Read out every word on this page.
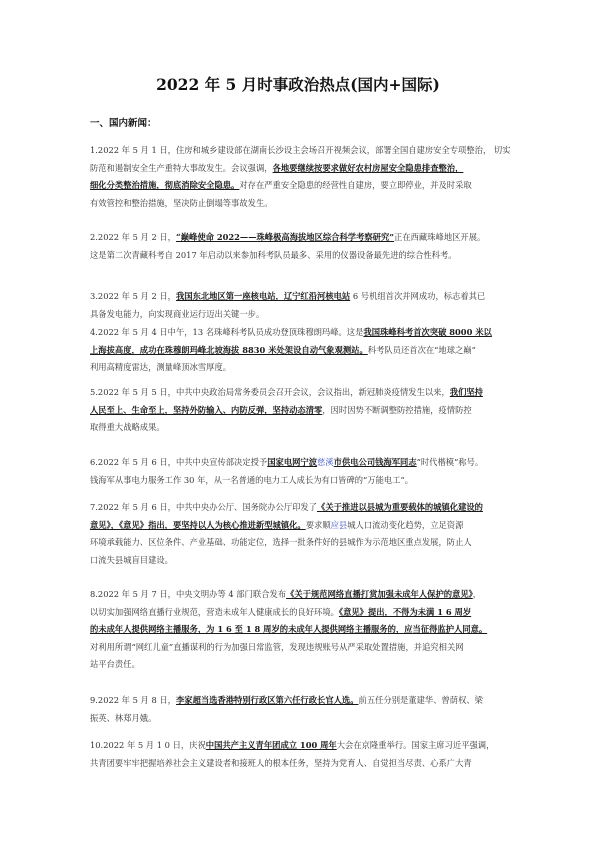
2022 年 5 月时事政治热点(国内+国际)
一、国内新闻：
1.2022 年 5 月 1 日，住房和城乡建设部在湖南长沙设主会场召开视频会议，部署全国自建房安全专项整治， 切实
防范和遏制安全生产重特大事故发生。会议强调，各地要继续按要求做好农村房屋安全隐患排查整治，
细化分类整治措施，彻底消除安全隐患。对存在严重安全隐患的经营性自建房，要立即停业，并及时采取
有效管控和整治措施，坚决防止倒塌等事故发生。
2.2022 年 5 月 2 日，“巅峰使命 2022——珠峰极高海拔地区综合科学考察研究”正在西藏珠峰地区开展。
这是第二次青藏科考自 2017 年启动以来参加科考队员最多、采用的仪器设备最先进的综合性科考。
3.2022 年 5 月 2 日，我国东北地区第一座核电站，辽宁红沿河核电站 6 号机组首次并网成功，标志着其已
具备发电能力，向实现商业运行迈出关键一步。
4.2022 年 5 月 4 日中午，13 名珠峰科考队员成功登顶珠穆朗玛峰。这是我国珠峰科考首次突破 8000 米以
上海拔高度，成功在珠穆朗玛峰北坡海拔 8830 米处架设自动气象观测站。科考队员还首次在“地球之巅”
利用高精度雷达，测量峰顶冰雪厚度。
5.2022 年 5 月 5 日，中共中央政治局常务委员会召开会议，会议指出，新冠肺炎疫情发生以来，我们坚持
人民至上、生命至上，坚持外防输入、内防反弹，坚持动态清零，因时因势不断调整防控措施，疫情防控
取得重大战略成果。
6.2022 年 5 月 6 日，中共中央宣传部决定授予国家电网宁波慈溪市供电公司钱海军同志“时代楷模”称号。
钱海军从事电力服务工作 30 年，从一名普通的电力工人成长为有口皆碑的“万能电工”。
7.2022 年 5 月 6 日，中共中央办公厅、国务院办公厅印发了《关于推进以县城为重要载体的城镇化建设的
意见》，《意见》指出，要坚持以人为核心推进新型城镇化。要求顺应县城人口流动变化趋势，立足资源
环境承载能力、区位条件、产业基础、功能定位，选择一批条件好的县城作为示范地区重点发展，防止人
口流失县城盲目建设。
8.2022 年 5 月 7 日，中央文明办等 4 部门联合发布《关于规范网络直播打赏加强未成年人保护的意见》，
以切实加强网络直播行业规范，营造未成年人健康成长的良好环境。《意见》提出，不得为未满 1 6 周岁
的未成年人提供网络主播服务，为 1 6 至 1 8 周岁的未成年人提供网络主播服务的，应当征得监护人同意。
对利用所谓“网红儿童”直播谋利的行为加强日常监管，发现违规账号从严采取处置措施，并追究相关网
站平台责任。
9.2022 年 5 月 8 日，李家超当选香港特别行政区第六任行政长官人选。前五任分别是董建华、曾荫权、梁
振英、林郑月娥。
10.2022 年 5 月 1 0 日，庆祝中国共产主义青年团成立 100 周年大会在京隆重举行。国家主席习近平强调，
共青团要牢牢把握培养社会主义建设者和接班人的根本任务，坚持为党育人、自觉担当尽责、心系广大青
